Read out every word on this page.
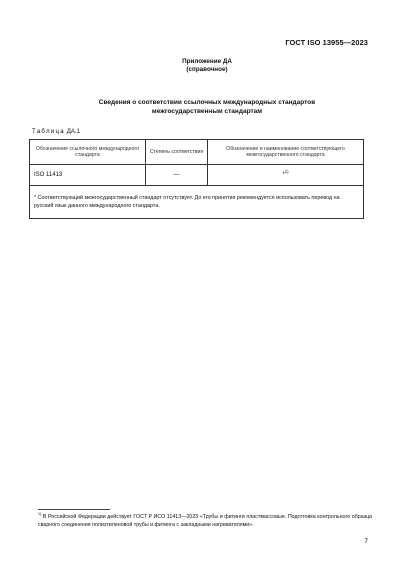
ГОСТ ISO 13955—2023
Приложение ДА
(справочное)
Сведения о соответствии ссылочных международных стандартов
межгосударственным стандартам
Таблица ДА.1
Обозначение ссылочного международного стандарта	Степень соответствия	Обозначение и наименование соответствующего межгосударственного стандарта
ISO 11413	—	*$^{1)}$
* Соответствующий межгосударственный стандарт отсутствует. До его принятия рекомендуется использовать перевод на русский язык данного международного стандарта.		
$^{1)}$ В Российской Федерации действует ГОСТ Р ИСО 11413—2023 «Трубы и фитинги пластмассовые. Подготовка контрольного образца сварного соединения полиэтиленовой трубы и фитинга с закладными нагревателями».
7
